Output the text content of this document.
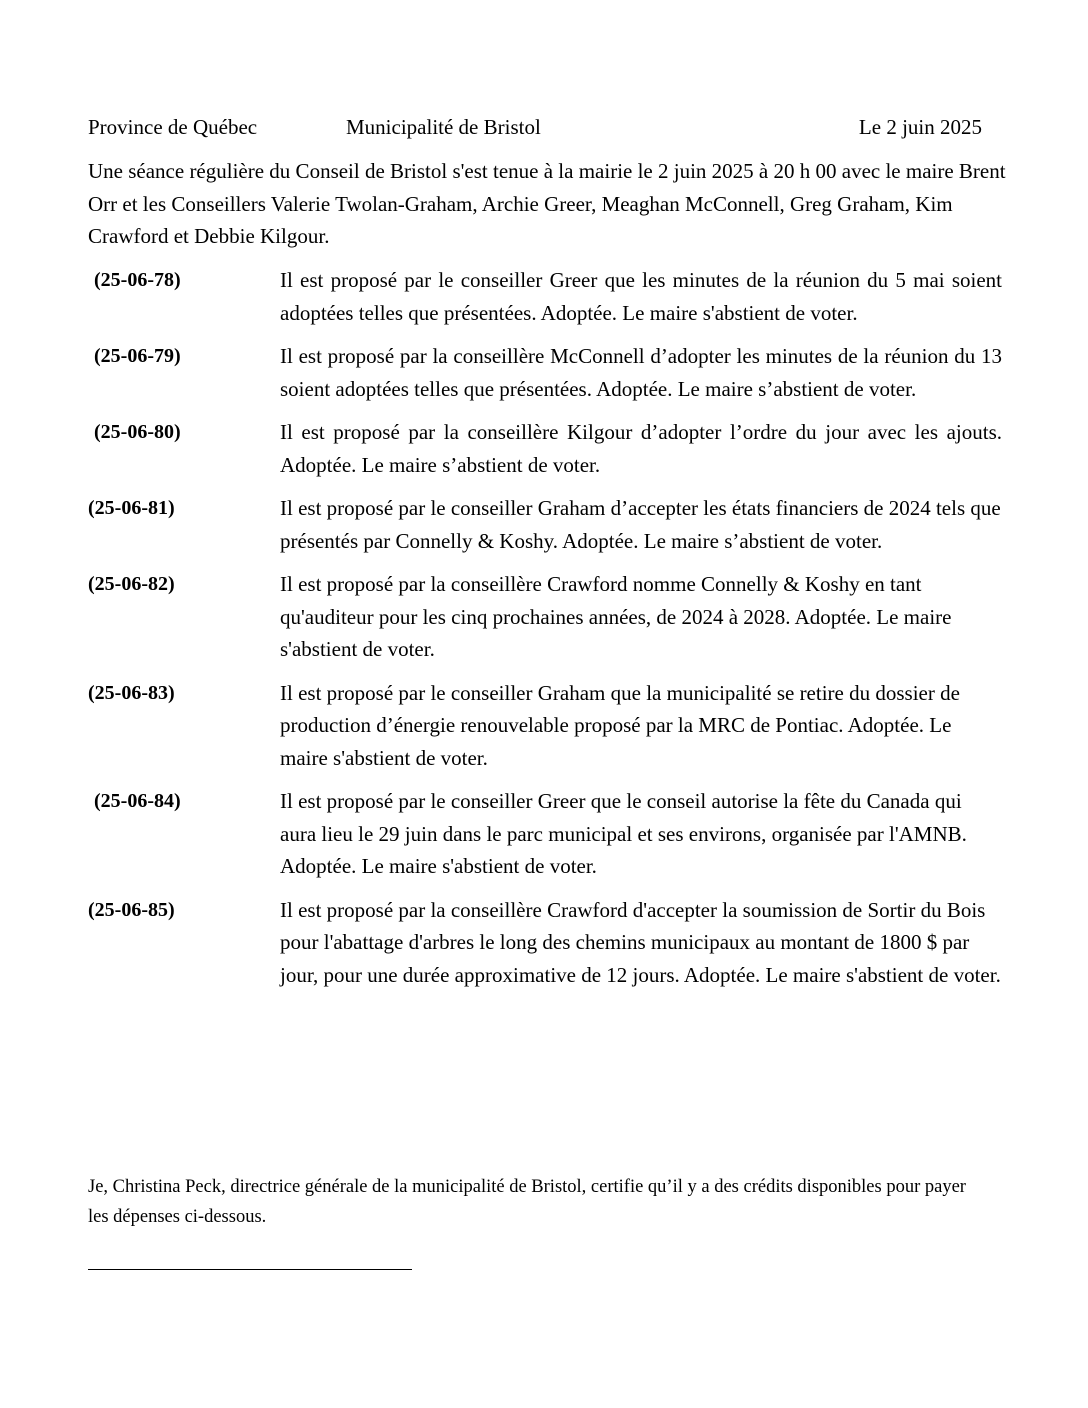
Province de Québec	Municipalité de Bristol	Le 2 juin 2025
Une séance régulière du Conseil de Bristol s'est tenue à la mairie le 2 juin 2025 à 20 h 00 avec le maire Brent Orr et les Conseillers Valerie Twolan-Graham, Archie Greer, Meaghan McConnell, Greg Graham, Kim Crawford et Debbie Kilgour.
(25-06-78)	Il est proposé par le conseiller Greer que les minutes de la réunion du 5 mai soient adoptées telles que présentées. Adoptée. Le maire s'abstient de voter.
(25-06-79)	Il est proposé par la conseillère McConnell d’adopter les minutes de la réunion du 13 soient adoptées telles que présentées. Adoptée. Le maire s’abstient de voter.
(25-06-80)	Il est proposé par la conseillère Kilgour d’adopter l’ordre du jour avec les ajouts. Adoptée. Le maire s’abstient de voter.
(25-06-81)	Il est proposé par le conseiller Graham d’accepter les états financiers de 2024 tels que présentés par Connelly & Koshy. Adoptée. Le maire s’abstient de voter.
(25-06-82)	Il est proposé par la conseillère Crawford nomme Connelly & Koshy en tant qu'auditeur pour les cinq prochaines années, de 2024 à 2028. Adoptée. Le maire s'abstient de voter.
(25-06-83)	Il est proposé par le conseiller Graham que la municipalité se retire du dossier de production d’énergie renouvelable proposé par la MRC de Pontiac. Adoptée. Le maire s'abstient de voter.
(25-06-84)	Il est proposé par le conseiller Greer que le conseil autorise la fête du Canada qui aura lieu le 29 juin dans le parc municipal et ses environs, organisée par l'AMNB. Adoptée. Le maire s'abstient de voter.
(25-06-85)	Il est proposé par la conseillère Crawford d'accepter la soumission de Sortir du Bois pour l'abattage d'arbres le long des chemins municipaux au montant de 1800 $ par jour, pour une durée approximative de 12 jours. Adoptée. Le maire s'abstient de voter.
Je, Christina Peck, directrice générale de la municipalité de Bristol, certifie qu’il y a des crédits disponibles pour payer les dépenses ci-dessous.
